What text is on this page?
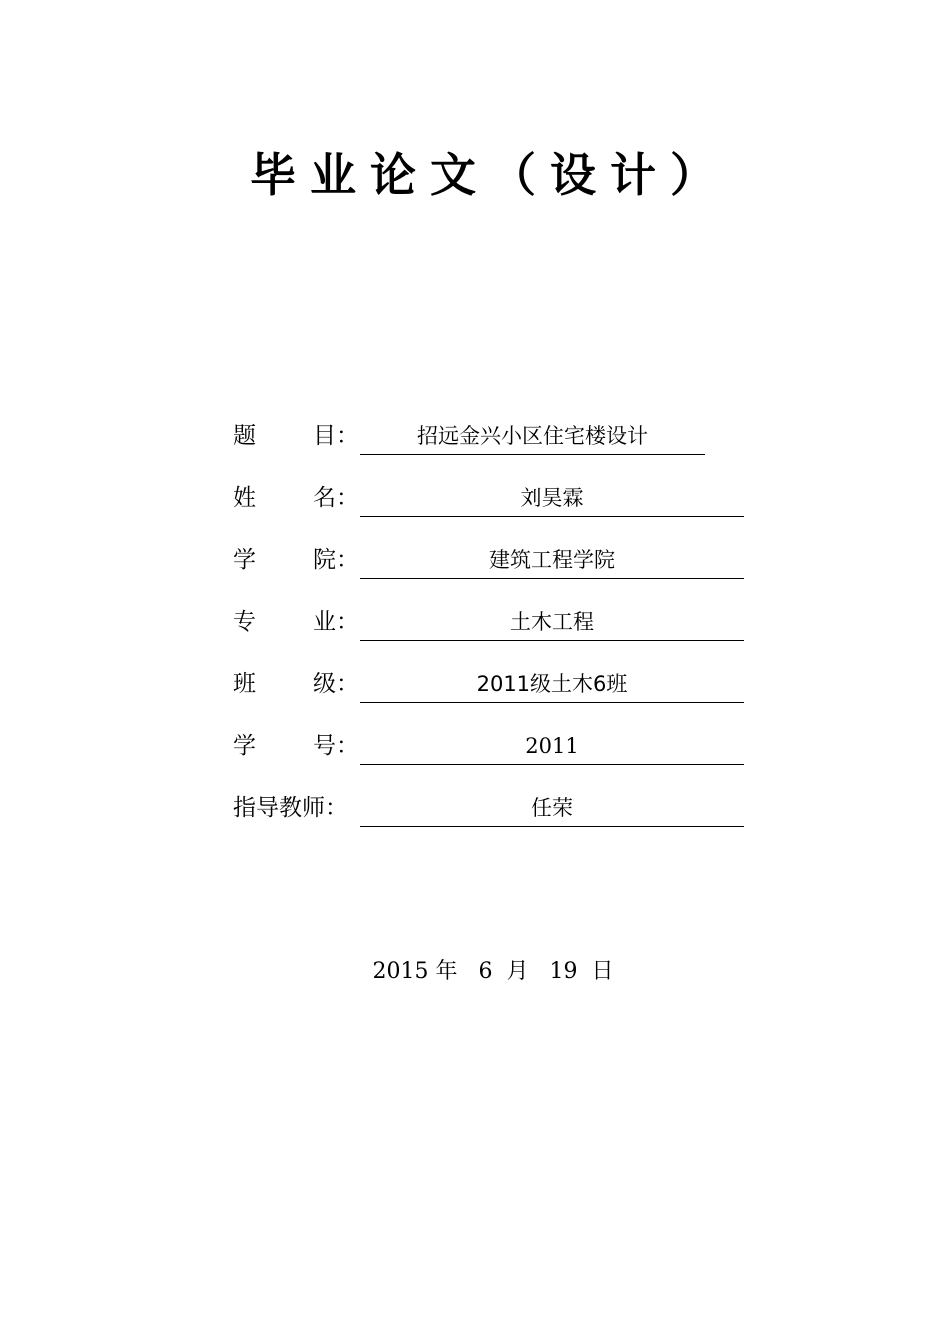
毕业论文（设计）
题 目：	招远金兴小区住宅楼设计
姓 名：	刘昊霖
学 院：	建筑工程学院
专 业：	土木工程
班 级：	2011级土木6班
学 号：	2011
指导教师：	任荣
2015 年 6 月 19 日
